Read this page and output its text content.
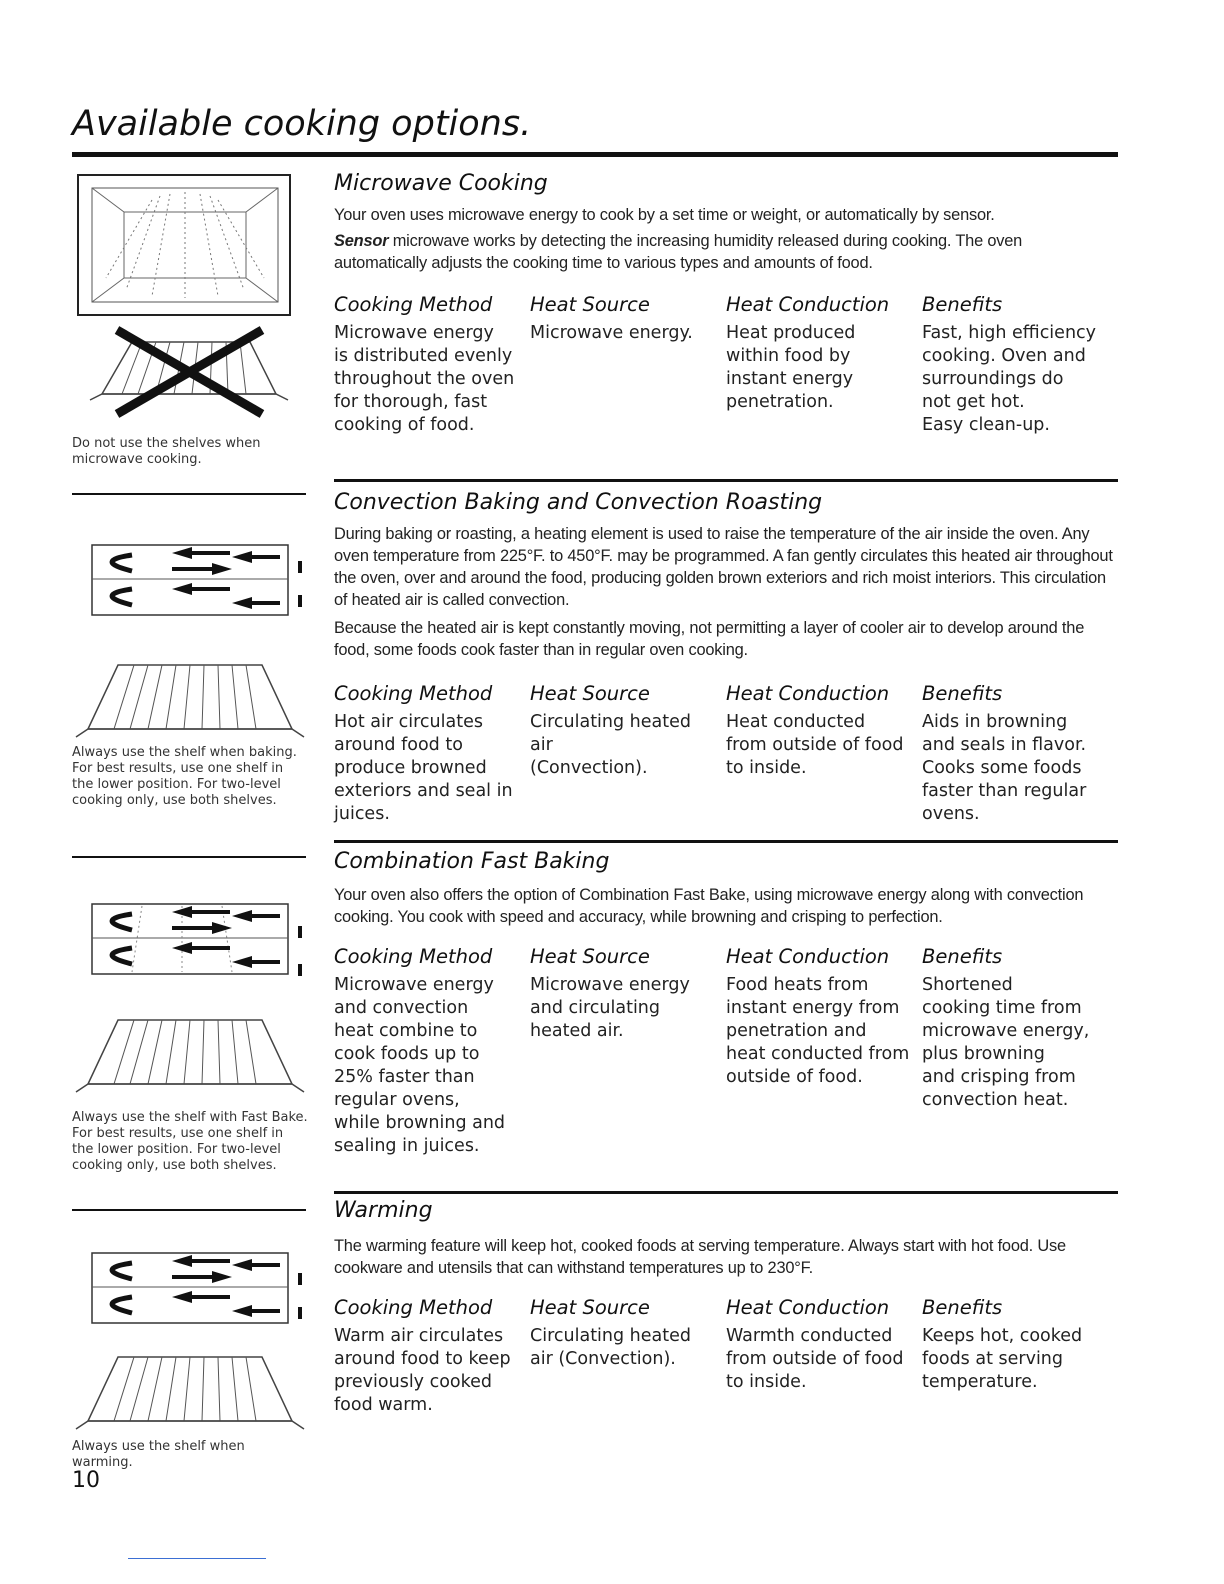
Available cooking options.
Do not use the shelves when microwave cooking.
Microwave Cooking

Your oven uses microwave energy to cook by a set time or weight, or automatically by sensor.

Sensor microwave works by detecting the increasing humidity released during cooking. The oven automatically adjusts the cooking time to various types and amounts of food.

Cooking Method
Microwave energy
is distributed evenly
throughout the oven
for thorough, fast
cooking of food.
Heat Source
Microwave energy.
Heat Conduction
Heat produced
within food by
instant energy
penetration.
Benefits
Fast, high efficiency
cooking. Oven and
surroundings do
not get hot.
Easy clean-up.
Always use the shelf when baking. For best results, use one shelf in the lower position. For two-level cooking only, use both shelves.
Convection Baking and Convection Roasting

During baking or roasting, a heating element is used to raise the temperature of the air inside the oven. Any oven temperature from 225°F. to 450°F. may be programmed. A fan gently circulates this heated air throughout the oven, over and around the food, producing golden brown exteriors and rich moist interiors. This circulation of heated air is called convection.

Because the heated air is kept constantly moving, not permitting a layer of cooler air to develop around the food, some foods cook faster than in regular oven cooking.

Cooking Method
Hot air circulates
around food to
produce browned
exteriors and seal in
juices.
Heat Source
Circulating heated
air
(Convection).
Heat Conduction
Heat conducted
from outside of food
to inside.
Benefits
Aids in browning
and seals in flavor.
Cooks some foods
faster than regular
ovens.
Always use the shelf with Fast Bake. For best results, use one shelf in the lower position. For two-level cooking only, use both shelves.
Combination Fast Baking

Your oven also offers the option of Combination Fast Bake, using microwave energy along with convection cooking. You cook with speed and accuracy, while browning and crisping to perfection.

Cooking Method
Microwave energy
and convection
heat combine to
cook foods up to
25% faster than
regular ovens,
while browning and
sealing in juices.
Heat Source
Microwave energy
and circulating
heated air.
Heat Conduction
Food heats from
instant energy from
penetration and
heat conducted from
outside of food.
Benefits
Shortened
cooking time from
microwave energy,
plus browning
and crisping from
convection heat.
Always use the shelf when warming.
Warming

The warming feature will keep hot, cooked foods at serving temperature. Always start with hot food. Use cookware and utensils that can withstand temperatures up to 230°F.

Cooking Method
Warm air circulates
around food to keep
previously cooked
food warm.
Heat Source
Circulating heated
air (Convection).
Heat Conduction
Warmth conducted
from outside of food
to inside.
Benefits
Keeps hot, cooked
foods at serving
temperature.

10
